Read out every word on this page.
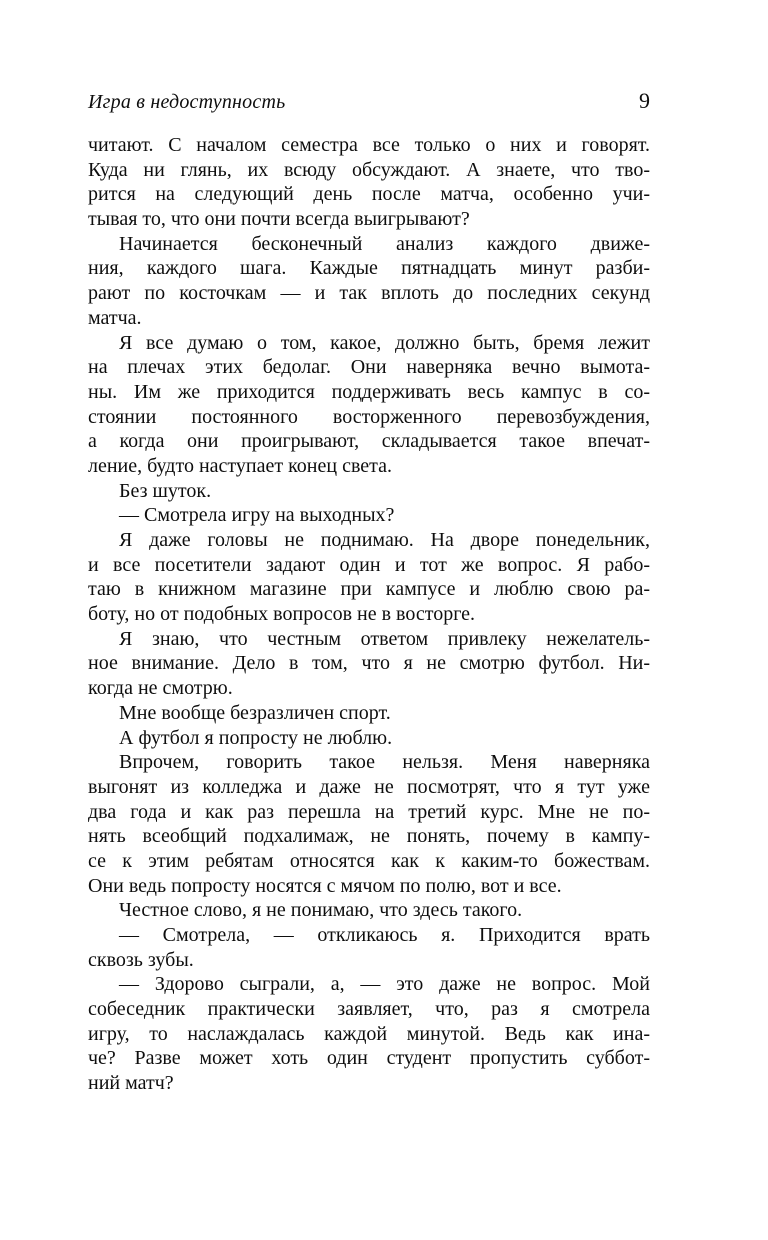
Игра в недоступность	9

читают. С началом семестра все только о них и говорят.
Куда ни глянь, их всюду обсуждают. А знаете, что тво-
рится на следующий день после матча, особенно учи-
тывая то, что они почти всегда выигрывают?

Начинается бесконечный анализ каждого движе-
ния, каждого шага. Каждые пятнадцать минут разби-
рают по косточкам — и так вплоть до последних секунд
матча.

Я все думаю о том, какое, должно быть, бремя лежит
на плечах этих бедолаг. Они наверняка вечно вымота-
ны. Им же приходится поддерживать весь кампус в со-
стоянии постоянного восторженного перевозбуждения,
а когда они проигрывают, складывается такое впечат-
ление, будто наступает конец света.

Без шуток.

— Смотрела игру на выходных?

Я даже головы не поднимаю. На дворе понедельник,
и все посетители задают один и тот же вопрос. Я рабо-
таю в книжном магазине при кампусе и люблю свою ра-
боту, но от подобных вопросов не в восторге.

Я знаю, что честным ответом привлеку нежелатель-
ное внимание. Дело в том, что я не смотрю футбол. Ни-
когда не смотрю.

Мне вообще безразличен спорт.

А футбол я попросту не люблю.

Впрочем, говорить такое нельзя. Меня наверняка
выгонят из колледжа и даже не посмотрят, что я тут уже
два года и как раз перешла на третий курс. Мне не по-
нять всеобщий подхалимаж, не понять, почему в кампу-
се к этим ребятам относятся как к каким-то божествам.
Они ведь попросту носятся с мячом по полю, вот и все.

Честное слово, я не понимаю, что здесь такого.

— Смотрела, — откликаюсь я. Приходится врать
сквозь зубы.

— Здорово сыграли, а, — это даже не вопрос. Мой
собеседник практически заявляет, что, раз я смотрела
игру, то наслаждалась каждой минутой. Ведь как ина-
че? Разве может хоть один студент пропустить суббот-
ний матч?
